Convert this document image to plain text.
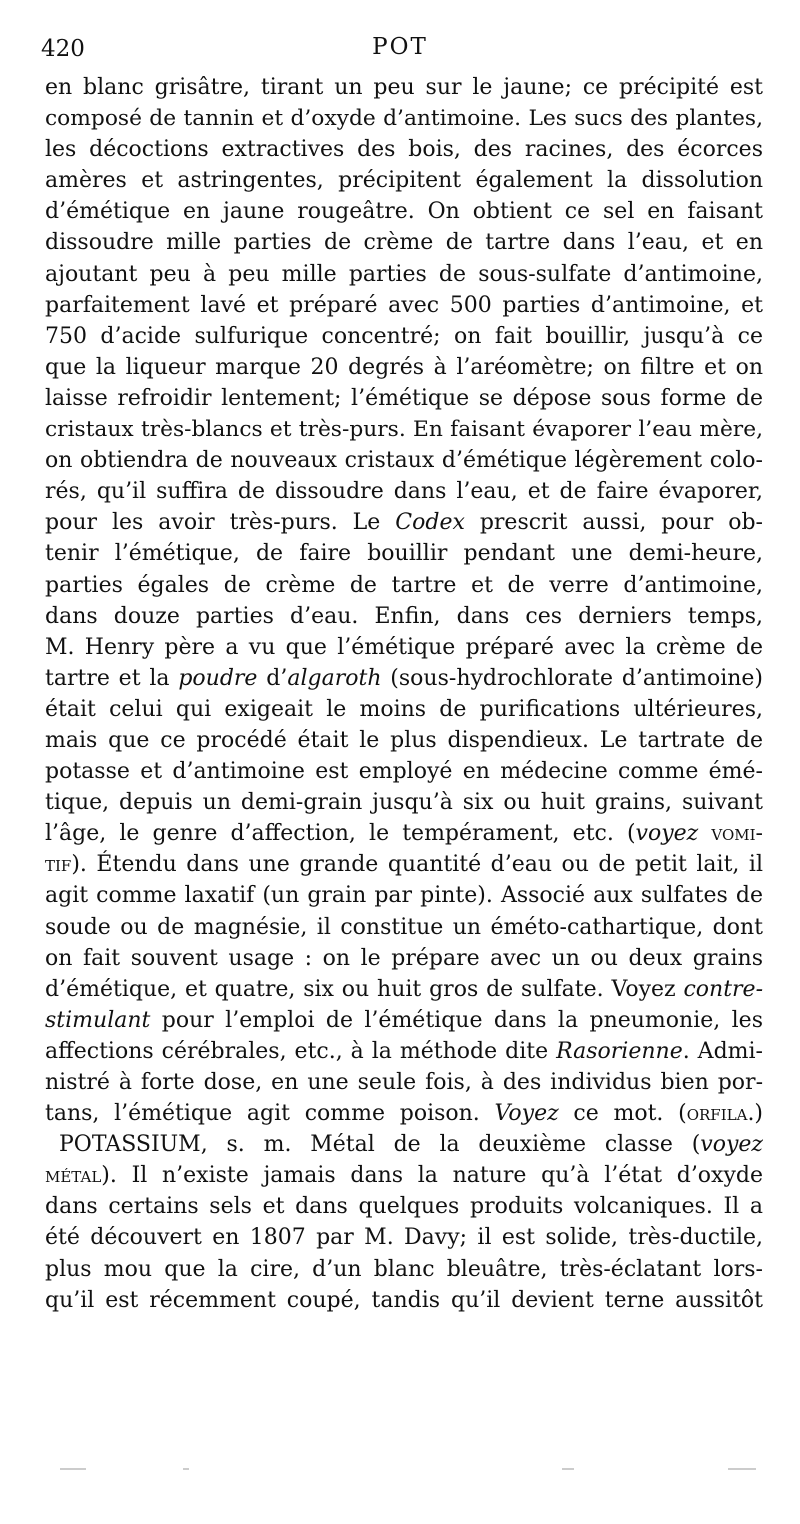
420	POT
en blanc grisâtre, tirant un peu sur le jaune; ce précipité est
composé de tannin et d’oxyde d’antimoine. Les sucs des plantes,
les décoctions extractives des bois, des racines, des écorces
amères et astringentes, précipitent également la dissolution
d’émétique en jaune rougeâtre. On obtient ce sel en faisant
dissoudre mille parties de crème de tartre dans l’eau, et en
ajoutant peu à peu mille parties de sous-sulfate d’antimoine,
parfaitement lavé et préparé avec 500 parties d’antimoine, et
750 d’acide sulfurique concentré; on fait bouillir, jusqu’à ce
que la liqueur marque 20 degrés à l’aréomètre; on filtre et on
laisse refroidir lentement; l’émétique se dépose sous forme de
cristaux très-blancs et très-purs. En faisant évaporer l’eau mère,
on obtiendra de nouveaux cristaux d’émétique légèrement colo-
rés, qu’il suffira de dissoudre dans l’eau, et de faire évaporer,
pour les avoir très-purs. Le Codex prescrit aussi, pour ob-
tenir l’émétique, de faire bouillir pendant une demi-heure,
parties égales de crème de tartre et de verre d’antimoine,
dans douze parties d’eau. Enfin, dans ces derniers temps,
M. Henry père a vu que l’émétique préparé avec la crème de
tartre et la poudre d’algaroth (sous-hydrochlorate d’antimoine)
était celui qui exigeait le moins de purifications ultérieures,
mais que ce procédé était le plus dispendieux. Le tartrate de
potasse et d’antimoine est employé en médecine comme émé-
tique, depuis un demi-grain jusqu’à six ou huit grains, suivant
l’âge, le genre d’affection, le tempérament, etc. (voyez vomi-
tif). Étendu dans une grande quantité d’eau ou de petit lait, il
agit comme laxatif (un grain par pinte). Associé aux sulfates de
soude ou de magnésie, il constitue un éméto-cathartique, dont
on fait souvent usage : on le prépare avec un ou deux grains
d’émétique, et quatre, six ou huit gros de sulfate. Voyez contre-
stimulant pour l’emploi de l’émétique dans la pneumonie, les
affections cérébrales, etc., à la méthode dite Rasorienne. Admi-
nistré à forte dose, en une seule fois, à des individus bien por-
tans, l’émétique agit comme poison. Voyez ce mot. (orfila.)
POTASSIUM, s. m. Métal de la deuxième classe (voyez
métal). Il n’existe jamais dans la nature qu’à l’état d’oxyde
dans certains sels et dans quelques produits volcaniques. Il a
été découvert en 1807 par M. Davy; il est solide, très-ductile,
plus mou que la cire, d’un blanc bleuâtre, très-éclatant lors-
qu’il est récemment coupé, tandis qu’il devient terne aussitôt
